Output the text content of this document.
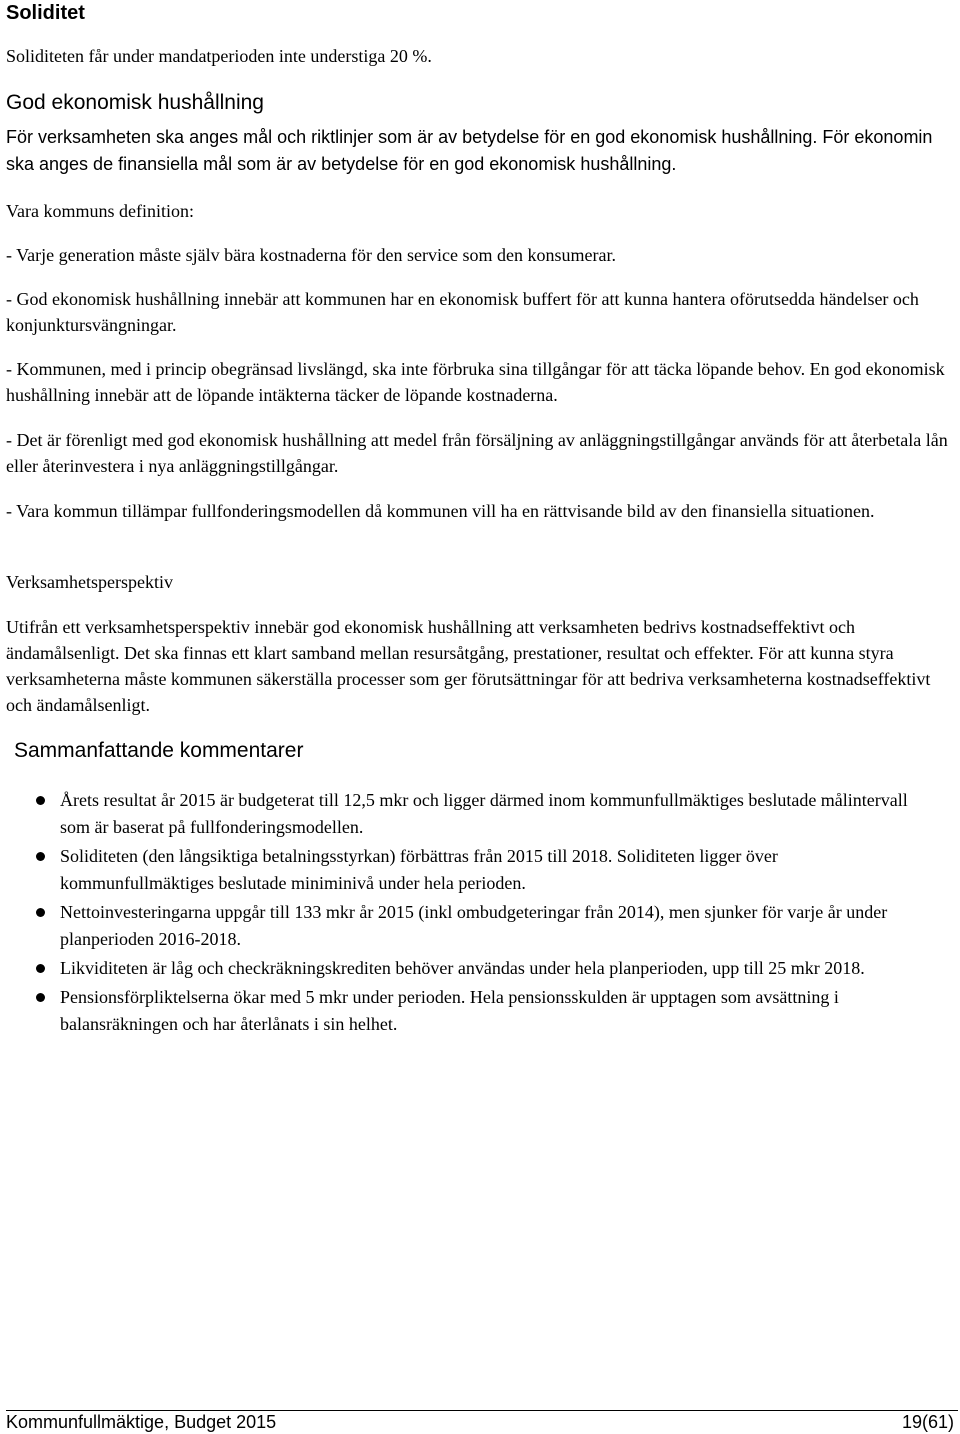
Soliditet

Soliditeten får under mandatperioden inte understiga 20 %.

God ekonomisk hushållning

För verksamheten ska anges mål och riktlinjer som är av betydelse för en god ekonomisk hushållning. För ekonomin ska anges de finansiella mål som är av betydelse för en god ekonomisk hushållning.

Vara kommuns definition:

- Varje generation måste själv bära kostnaderna för den service som den konsumerar.

- God ekonomisk hushållning innebär att kommunen har en ekonomisk buffert för att kunna hantera oförutsedda händelser och konjunktursvängningar.

- Kommunen, med i princip obegränsad livslängd, ska inte förbruka sina tillgångar för att täcka löpande behov. En god ekonomisk hushållning innebär att de löpande intäkterna täcker de löpande kostnaderna.

- Det är förenligt med god ekonomisk hushållning att medel från försäljning av anläggningstillgångar används för att återbetala lån eller återinvestera i nya anläggningstillgångar.

- Vara kommun tillämpar fullfonderingsmodellen då kommunen vill ha en rättvisande bild av den finansiella situationen.

Verksamhetsperspektiv

Utifrån ett verksamhetsperspektiv innebär god ekonomisk hushållning att verksamheten bedrivs kostnadseffektivt och ändamålsenligt. Det ska finnas ett klart samband mellan resursåtgång, prestationer, resultat och effekter. För att kunna styra verksamheterna måste kommunen säkerställa processer som ger förutsättningar för att bedriva verksamheterna kostnadseffektivt och ändamålsenligt.

Sammanfattande kommentarer
Årets resultat år 2015 är budgeterat till 12,5 mkr och ligger därmed inom kommunfullmäktiges beslutade målintervall som är baserat på fullfonderingsmodellen.
Soliditeten (den långsiktiga betalningsstyrkan) förbättras från 2015 till 2018. Soliditeten ligger över kommunfullmäktiges beslutade miniminivå under hela perioden.
Nettoinvesteringarna uppgår till 133 mkr år 2015 (inkl ombudgeteringar från 2014), men sjunker för varje år under planperioden 2016-2018.
Likviditeten är låg och checkräkningskrediten behöver användas under hela planperioden, upp till 25 mkr 2018.
Pensionsförpliktelserna ökar med 5 mkr under perioden. Hela pensionsskulden är upptagen som avsättning i balansräkningen och har återlånats i sin helhet.
Kommunfullmäktige, Budget 2015	19(61)
